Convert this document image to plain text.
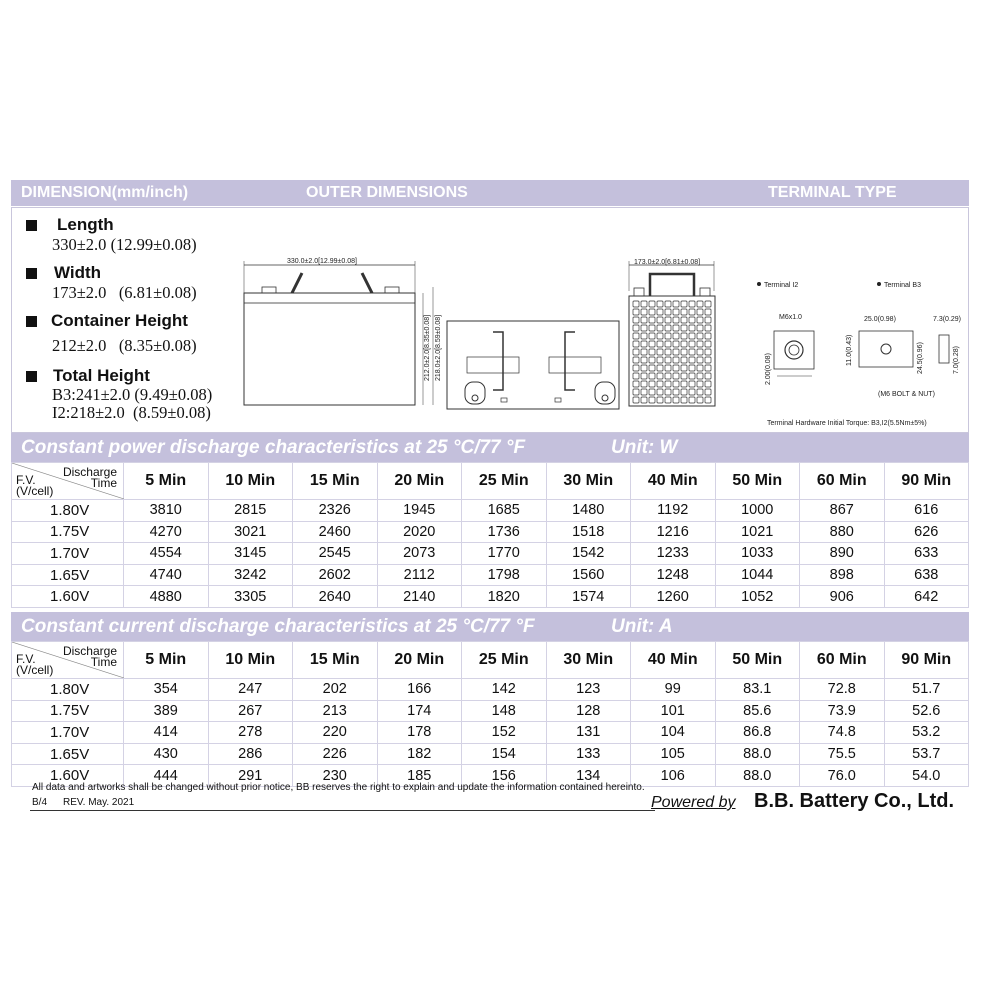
DIMENSION(mm/inch)	OUTER DIMENSIONS	TERMINAL TYPE
Length
330±2.0 (12.99±0.08)
Width
173±2.0 (6.81±0.08)
Container Height
212±2.0 (8.35±0.08)
Total Height
B3:241±2.0 (9.49±0.08)
I2:218±2.0 (8.59±0.08)
330.0±2.0[12.99±0.08]
212.0±2.0[8.35±0.08] 218.0±2.0[8.59±0.08]
173.0±2.0[6.81±0.08]
Terminal I2	Terminal B3
M6x1.0
2.00(0.08)
25.0(0.98)	7.3(0.29)
11.0(0.43)	24.5(0.96)	7.0(0.28)
(M6 BOLT & NUT)
Terminal Hardware Initial Torque: B3,I2(5.5Nm±5%)
Constant power discharge characteristics at 25 °C/77 °F	Unit: W
Discharge
Time
F.V.
(V/cell)	5 Min	10 Min	15 Min	20 Min	25 Min	30 Min	40 Min	50 Min	60 Min	90 Min
1.80V	3810	2815	2326	1945	1685	1480	1192	1000	867	616
1.75V	4270	3021	2460	2020	1736	1518	1216	1021	880	626
1.70V	4554	3145	2545	2073	1770	1542	1233	1033	890	633
1.65V	4740	3242	2602	2112	1798	1560	1248	1044	898	638
1.60V	4880	3305	2640	2140	1820	1574	1260	1052	906	642
Constant current discharge characteristics at 25 °C/77 °F	Unit: A
Discharge
Time
F.V.
(V/cell)	5 Min	10 Min	15 Min	20 Min	25 Min	30 Min	40 Min	50 Min	60 Min	90 Min
1.80V	354	247	202	166	142	123	99	83.1	72.8	51.7
1.75V	389	267	213	174	148	128	101	85.6	73.9	52.6
1.70V	414	278	220	178	152	131	104	86.8	74.8	53.2
1.65V	430	286	226	182	154	133	105	88.0	75.5	53.7
1.60V	444	291	230	185	156	134	106	88.0	76.0	54.0
All data and artworks shall be changed without prior notice, BB reserves the right to explain and update the information contained hereinto.
B/4 REV. May. 2021	Powered by B.B. Battery Co., Ltd.
